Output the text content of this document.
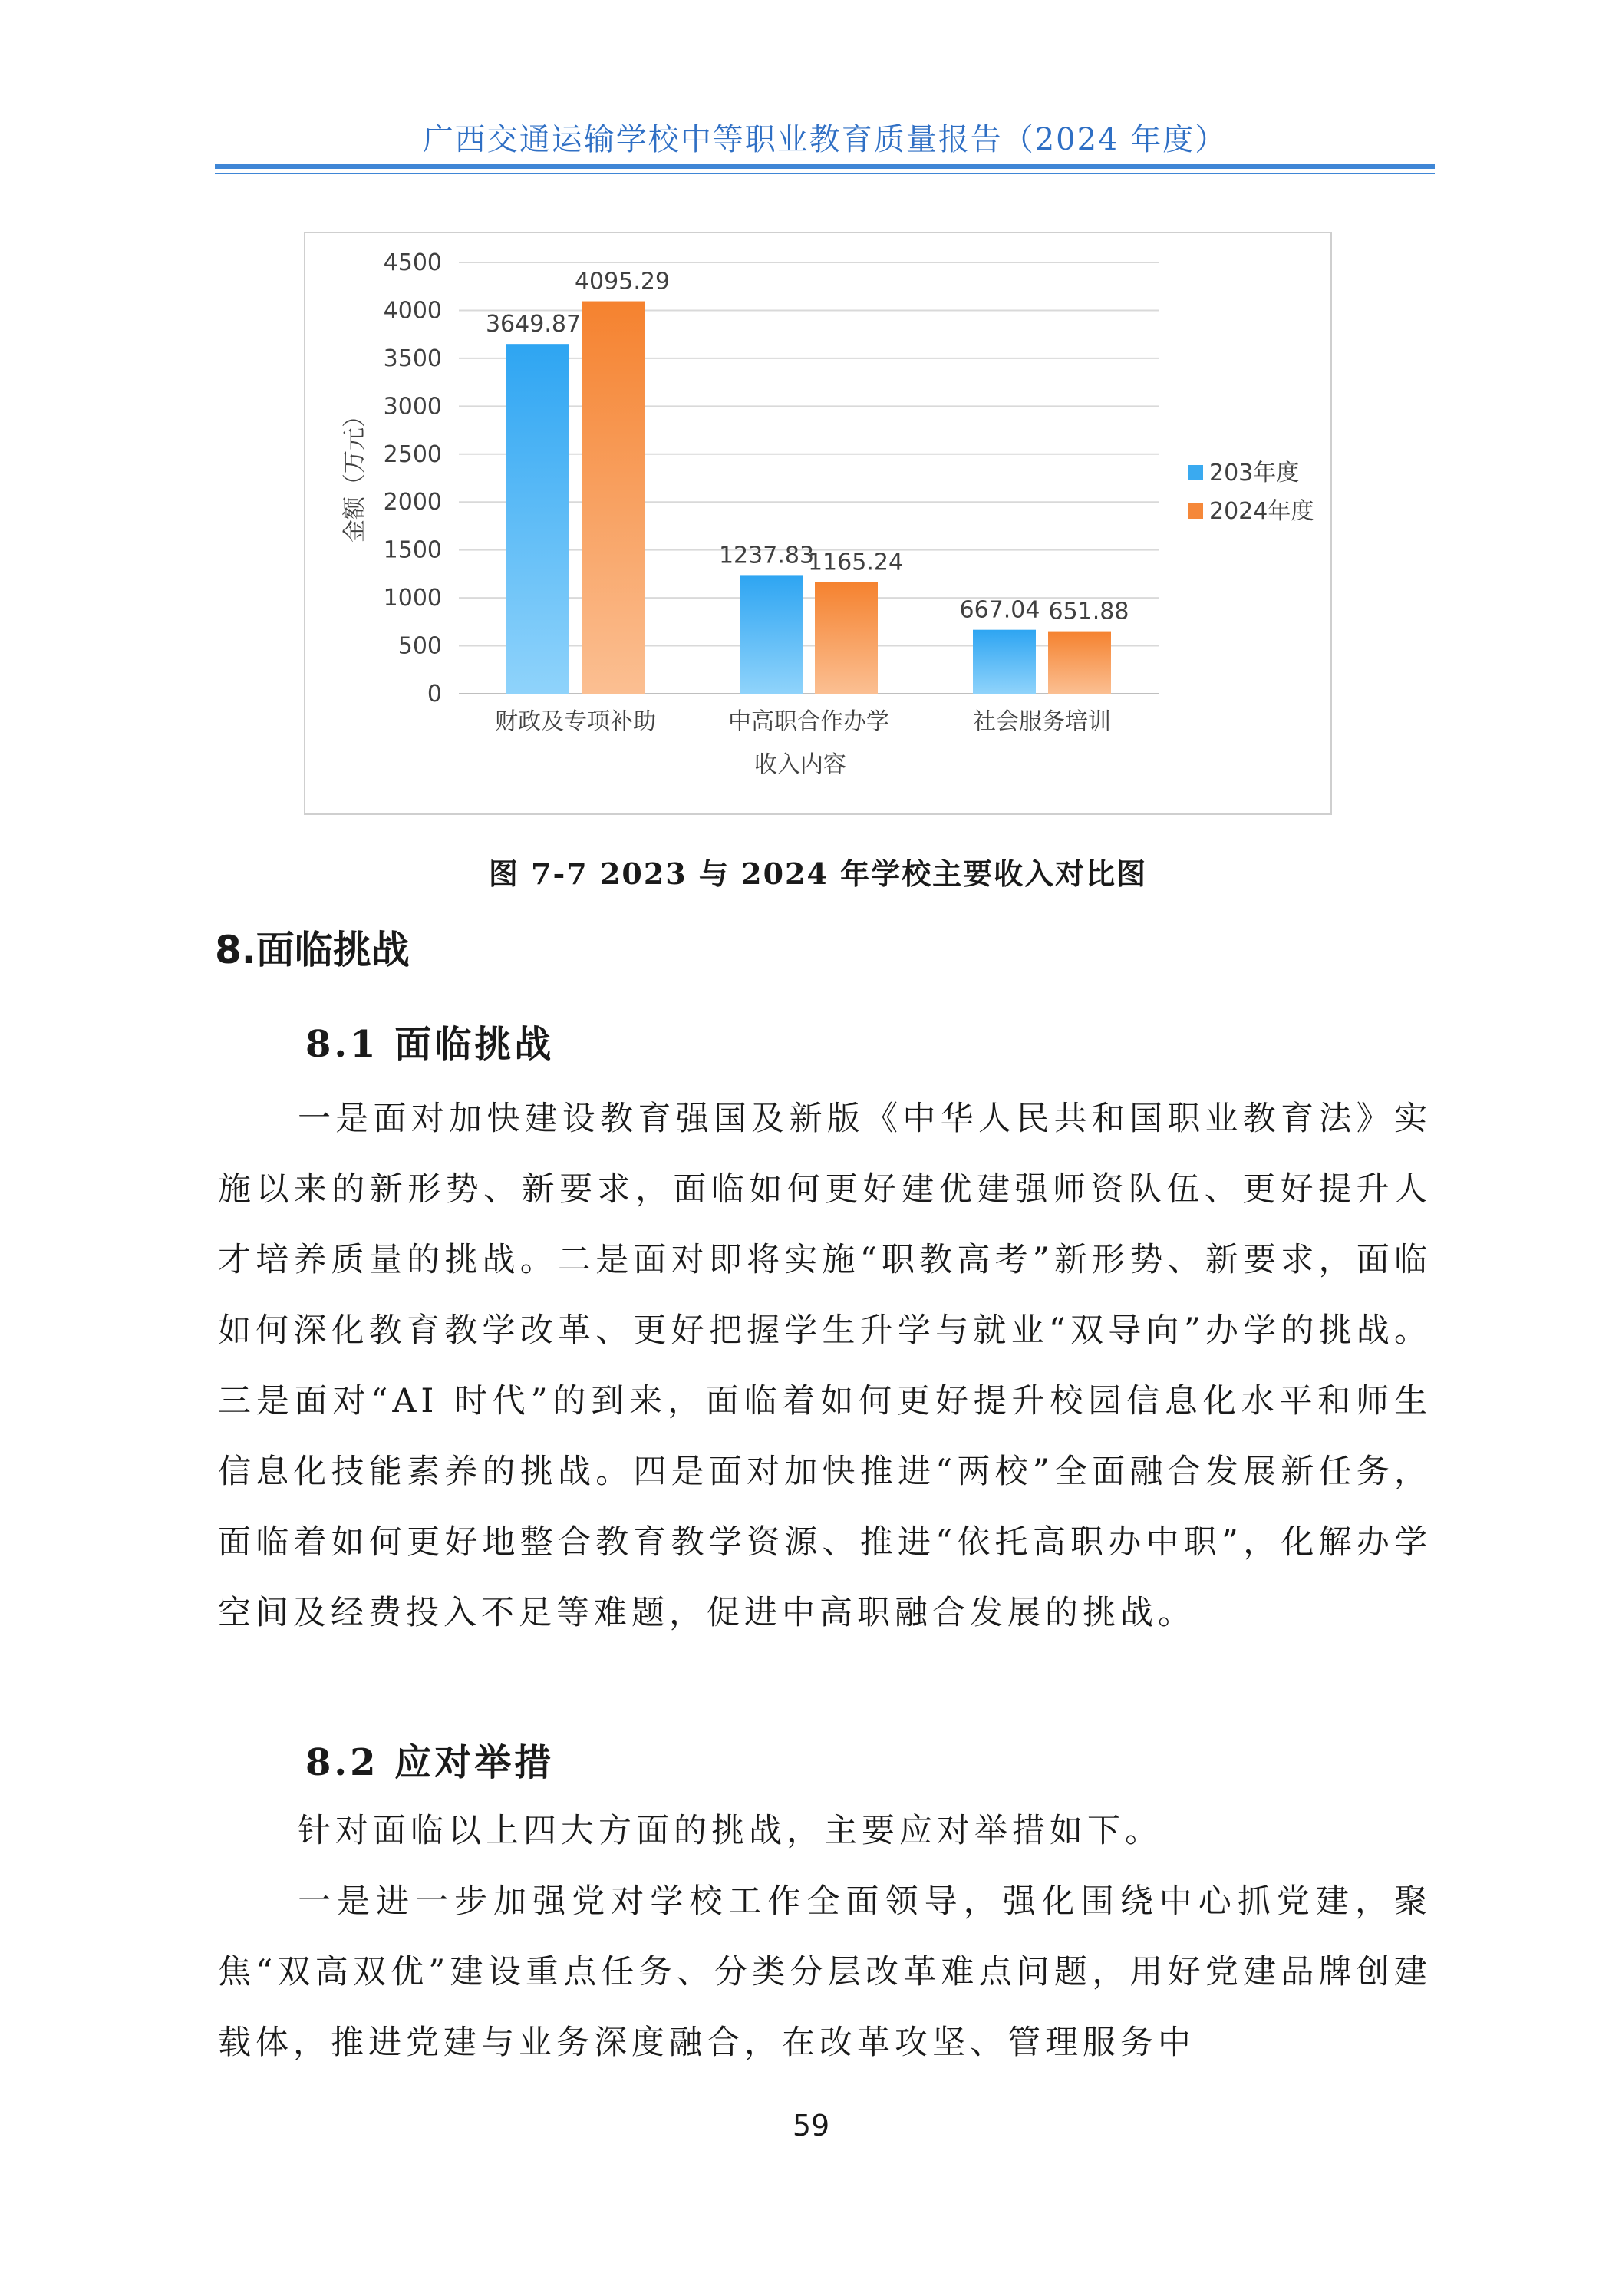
广西交通运输学校中等职业教育质量报告（2024 年度）
0
500
1000
1500
2000
2500
3000
3500
4000
4500
3649.87
4095.29
1237.83
1165.24
667.04 651.88
财政及专项补助	中高职合作办学	社会服务培训
收入内容
金额（万元）	203年度
2024年度
图 7-7 2023 与 2024 年学校主要收入对比图
8.面临挑战
8.1 面临挑战
一是面对加快建设教育强国及新版《中华人民共和国职业教育法》实施以来的新形势、新要求，面临如何更好建优建强师资队伍、更好提升人才培养质量的挑战。二是面对即将实施“职教高考”新形势、新要求，面临如何深化教育教学改革、更好把握学生升学与就业“双导向”办学的挑战。三是面对“AI 时代”的到来，面临着如何更好提升校园信息化水平和师生信息化技能素养的挑战。四是面对加快推进“两校”全面融合发展新任务，面临着如何更好地整合教育教学资源、推进“依托高职办中职”，化解办学空间及经费投入不足等难题，促进中高职融合发展的挑战。
8.2 应对举措
针对面临以上四大方面的挑战，主要应对举措如下。
一是进一步加强党对学校工作全面领导，强化围绕中心抓党建，聚焦“双高双优”建设重点任务、分类分层改革难点问题，用好党建品牌创建载体，推进党建与业务深度融合，在改革攻坚、管理服务中
59
